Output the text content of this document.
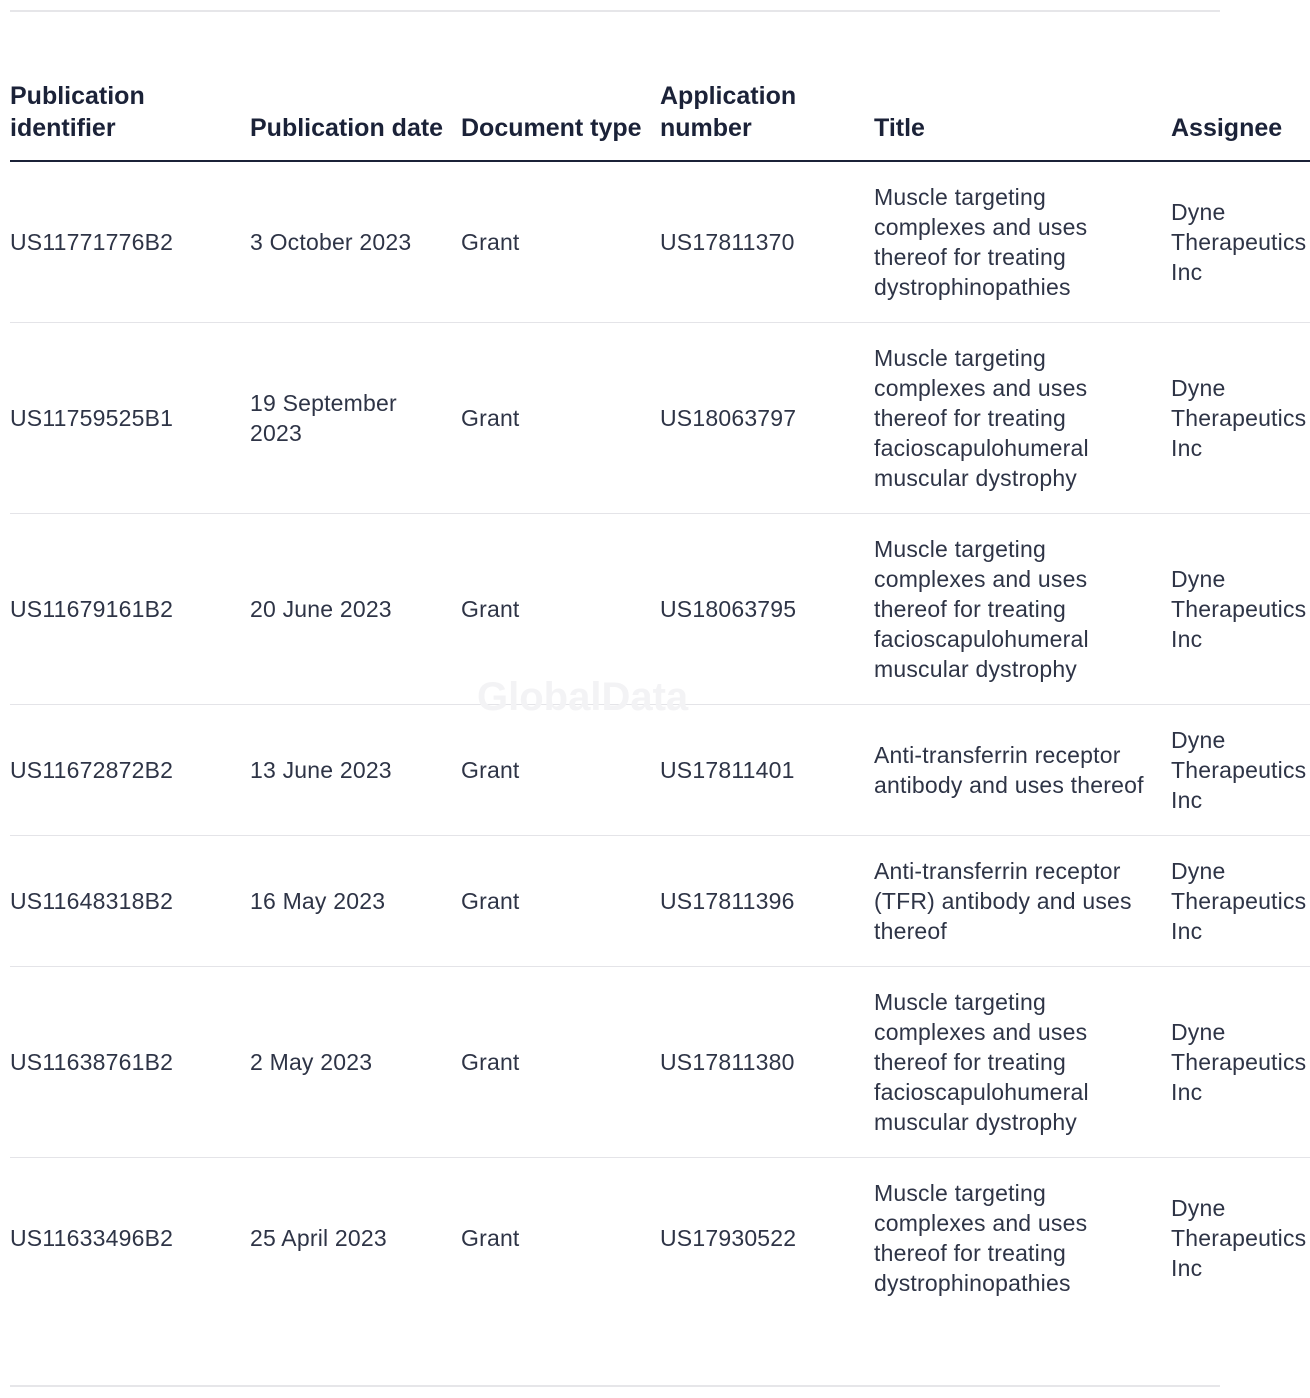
Publication identifier	Publication date	Document type	Application number	Title	Assignee
US11771776B2	3 October 2023	Grant	US17811370	Muscle targeting complexes and uses thereof for treating dystrophinopathies	Dyne Therapeutics Inc
US11759525B1	19 September 2023	Grant	US18063797	Muscle targeting complexes and uses thereof for treating facioscapulohumeral muscular dystrophy	Dyne Therapeutics Inc
US11679161B2	20 June 2023	Grant	US18063795	Muscle targeting complexes and uses thereof for treating facioscapulohumeral muscular dystrophy	Dyne Therapeutics Inc
US11672872B2	13 June 2023	Grant	US17811401	Anti-transferrin receptor antibody and uses thereof	Dyne Therapeutics Inc
US11648318B2	16 May 2023	Grant	US17811396	Anti-transferrin receptor (TFR) antibody and uses thereof	Dyne Therapeutics Inc
US11638761B2	2 May 2023	Grant	US17811380	Muscle targeting complexes and uses thereof for treating facioscapulohumeral muscular dystrophy	Dyne Therapeutics Inc
US11633496B2	25 April 2023	Grant	US17930522	Muscle targeting complexes and uses thereof for treating dystrophinopathies	Dyne Therapeutics Inc
GlobalData
